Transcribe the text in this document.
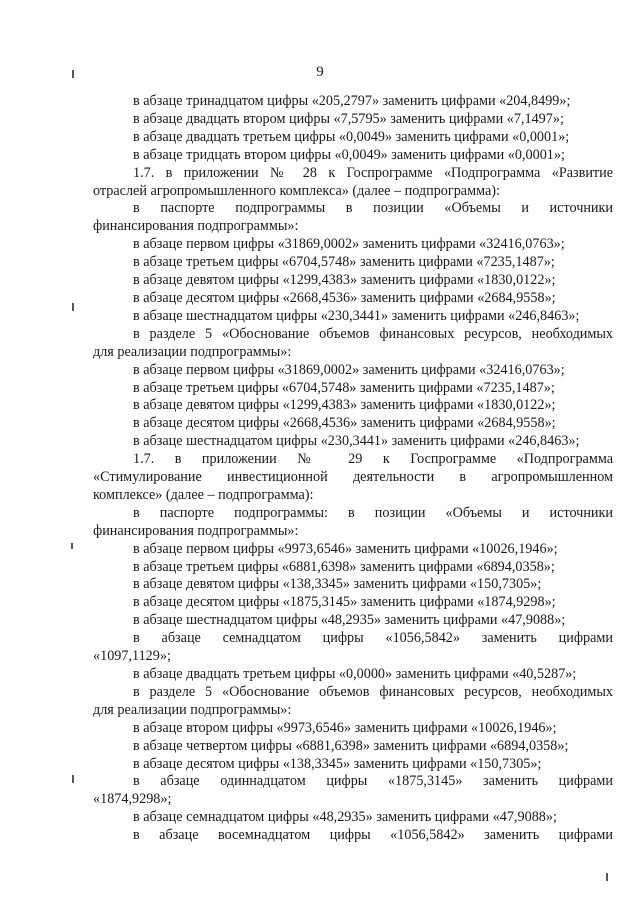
9
в абзаце тринадцатом цифры «205,2797» заменить цифрами «204,8499»;
в абзаце двадцать втором цифры «7,5795» заменить цифрами «7,1497»;
в абзаце двадцать третьем цифры «0,0049» заменить цифрами «0,0001»;
в абзаце тридцать втором цифры «0,0049» заменить цифрами «0,0001»;
1.7. в приложении № 28 к Госпрограмме «Подпрограмма «Развитие
отраслей агропромышленного комплекса» (далее – подпрограмма):
в паспорте подпрограммы в позиции «Объемы и источники
финансирования подпрограммы»:
в абзаце первом цифры «31869,0002» заменить цифрами «32416,0763»;
в абзаце третьем цифры «6704,5748» заменить цифрами «7235,1487»;
в абзаце девятом цифры «1299,4383» заменить цифрами «1830,0122»;
в абзаце десятом цифры «2668,4536» заменить цифрами «2684,9558»;
в абзаце шестнадцатом цифры «230,3441» заменить цифрами «246,8463»;
в разделе 5 «Обоснование объемов финансовых ресурсов, необходимых
для реализации подпрограммы»:
в абзаце первом цифры «31869,0002» заменить цифрами «32416,0763»;
в абзаце третьем цифры «6704,5748» заменить цифрами «7235,1487»;
в абзаце девятом цифры «1299,4383» заменить цифрами «1830,0122»;
в абзаце десятом цифры «2668,4536» заменить цифрами «2684,9558»;
в абзаце шестнадцатом цифры «230,3441» заменить цифрами «246,8463»;
1.7. в приложении № 29 к Госпрограмме «Подпрограмма
«Стимулирование инвестиционной деятельности в агропромышленном
комплексе» (далее – подпрограмма):
в паспорте подпрограммы: в позиции «Объемы и источники
финансирования подпрограммы»:
в абзаце первом цифры «9973,6546» заменить цифрами «10026,1946»;
в абзаце третьем цифры «6881,6398» заменить цифрами «6894,0358»;
в абзаце девятом цифры «138,3345» заменить цифрами «150,7305»;
в абзаце десятом цифры «1875,3145» заменить цифрами «1874,9298»;
в абзаце шестнадцатом цифры «48,2935» заменить цифрами «47,9088»;
в абзаце семнадцатом цифры «1056,5842» заменить цифрами
«1097,1129»;
в абзаце двадцать третьем цифры «0,0000» заменить цифрами «40,5287»;
в разделе 5 «Обоснование объемов финансовых ресурсов, необходимых
для реализации подпрограммы»:
в абзаце втором цифры «9973,6546» заменить цифрами «10026,1946»;
в абзаце четвертом цифры «6881,6398» заменить цифрами «6894,0358»;
в абзаце десятом цифры «138,3345» заменить цифрами «150,7305»;
в абзаце одиннадцатом цифры «1875,3145» заменить цифрами
«1874,9298»;
в абзаце семнадцатом цифры «48,2935» заменить цифрами «47,9088»;
в абзаце восемнадцатом цифры «1056,5842» заменить цифрами
